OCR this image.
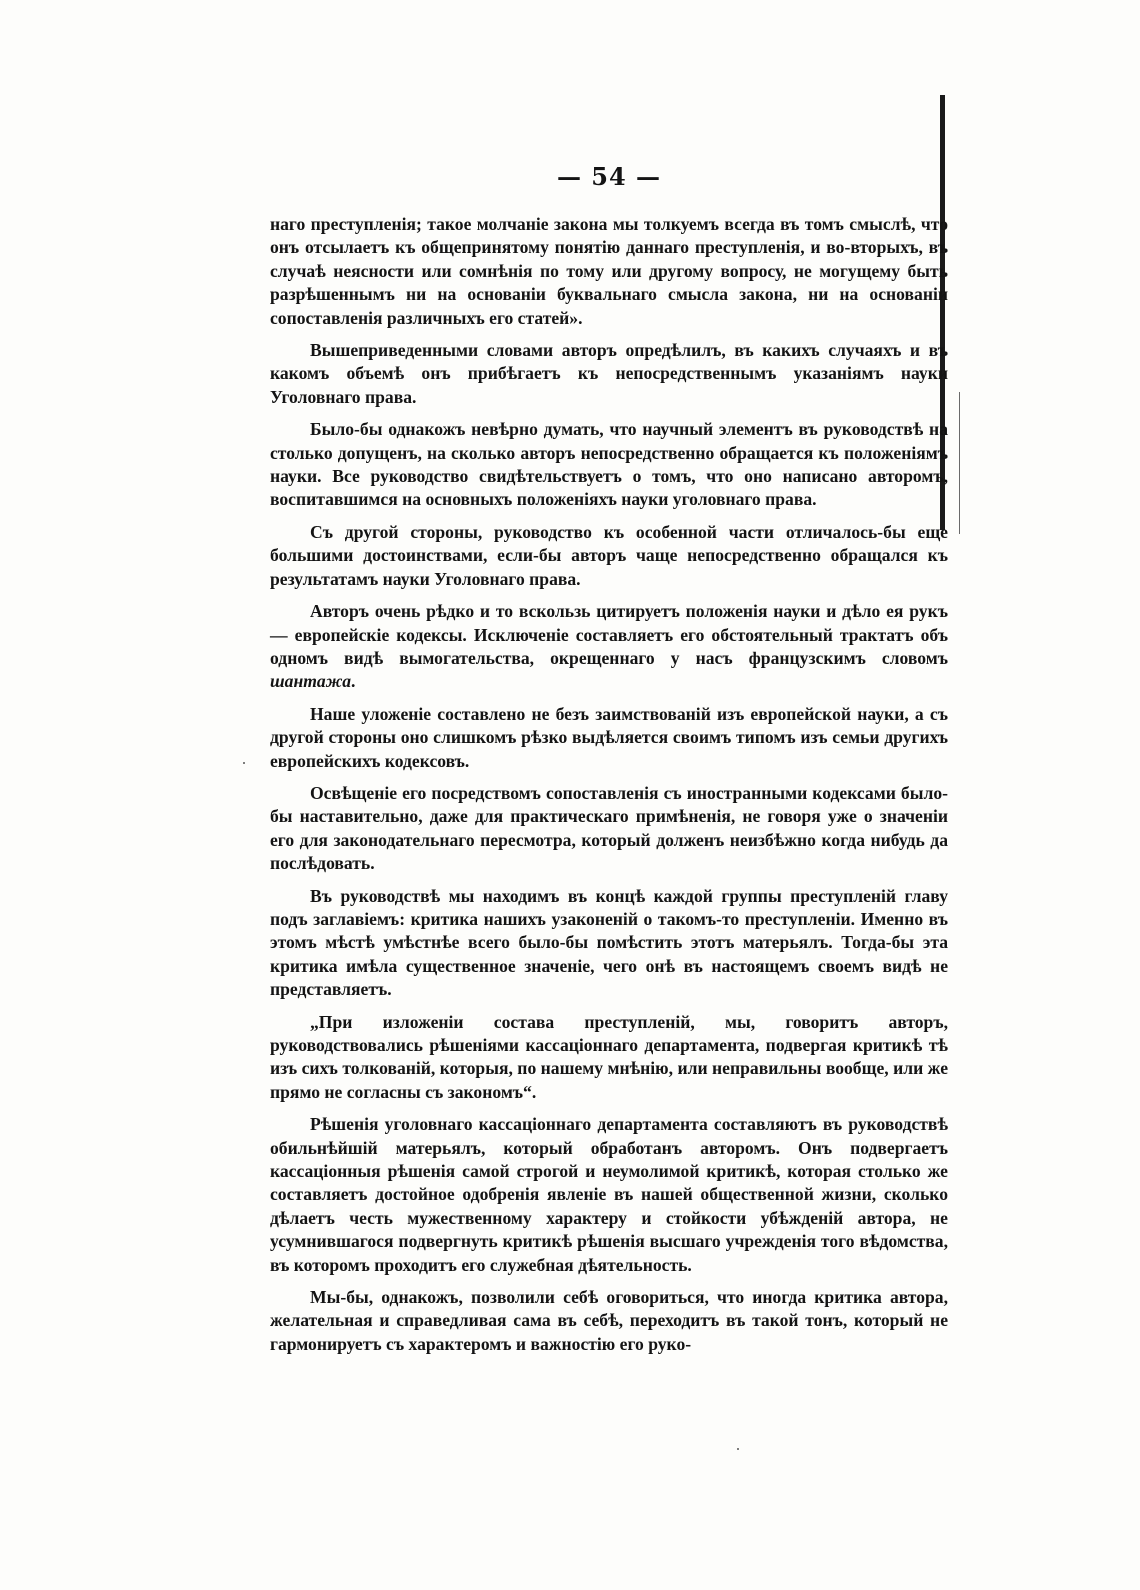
— 54 —

наго преступленія; такое молчаніе закона мы толкуемъ всегда въ томъ смыслѣ, что онъ отсылаетъ къ общепринятому понятію даннаго преступленія, и во-вторыхъ, въ случаѣ неясности или сомнѣнія по тому или другому вопросу, не могущему быть разрѣшеннымъ ни на основаніи буквальнаго смысла закона, ни на основаніи сопоставленія различныхъ его статей».

Вышеприведенными словами авторъ опредѣлилъ, въ какихъ случаяхъ и въ какомъ объемѣ онъ прибѣгаетъ къ непосредственнымъ указаніямъ науки Уголовнаго права.

Было-бы однакожъ невѣрно думать, что научный элементъ въ руководствѣ на столько допущенъ, на сколько авторъ непосредственно обращается къ положеніямъ науки. Все руководство свидѣтельствуетъ о томъ, что оно написано авторомъ, воспитавшимся на основныхъ положеніяхъ науки уголовнаго права.

Съ другой стороны, руководство къ особенной части отличалось-бы еще большими достоинствами, если-бы авторъ чаще непосредственно обращался къ результатамъ науки Уголовнаго права.

Авторъ очень рѣдко и то вскользь цитируетъ положенія науки и дѣло ея рукъ — европейскіе кодексы. Исключеніе составляетъ его обстоятельный трактатъ объ одномъ видѣ вымогательства, окрещеннаго у насъ французскимъ словомъ шантажа.

Наше уложеніе составлено не безъ заимствованій изъ европейской науки, а съ другой стороны оно слишкомъ рѣзко выдѣляется своимъ типомъ изъ семьи другихъ европейскихъ кодексовъ.

Освѣщеніе его посредствомъ сопоставленія съ иностранными кодексами было-бы наставительно, даже для практическаго примѣненія, не говоря уже о значеніи его для законодательнаго пересмотра, который долженъ неизбѣжно когда нибудь да послѣдовать.

Въ руководствѣ мы находимъ въ концѣ каждой группы преступленій главу подъ заглавіемъ: критика нашихъ узаконеній о такомъ-то преступленіи. Именно въ этомъ мѣстѣ умѣстнѣе всего было-бы помѣстить этотъ матерьялъ. Тогда-бы эта критика имѣла существенное значеніе, чего онѣ въ настоящемъ своемъ видѣ не представляетъ.

„При изложеніи состава преступленій, мы, говоритъ авторъ, руководствовались рѣшеніями кассаціоннаго департамента, подвергая критикѣ тѣ изъ сихъ толкованій, которыя, по нашему мнѣнію, или неправильны вообще, или же прямо не согласны съ закономъ“.

Рѣшенія уголовнаго кассаціоннаго департамента составляютъ въ руководствѣ обильнѣйшій матерьялъ, который обработанъ авторомъ. Онъ подвергаетъ кассаціонныя рѣшенія самой строгой и неумолимой критикѣ, которая столько же составляетъ достойное одобренія явленіе въ нашей общественной жизни, сколько дѣлаетъ честь мужественному характеру и стойкости убѣжденій автора, не усумнившагося подвергнуть критикѣ рѣшенія высшаго учрежденія того вѣдомства, въ которомъ проходитъ его служебная дѣятельность.

Мы-бы, однакожъ, позволили себѣ оговориться, что иногда критика автора, желательная и справедливая сама въ себѣ, переходитъ въ такой тонъ, который не гармонируетъ съ характеромъ и важностію его руко-
